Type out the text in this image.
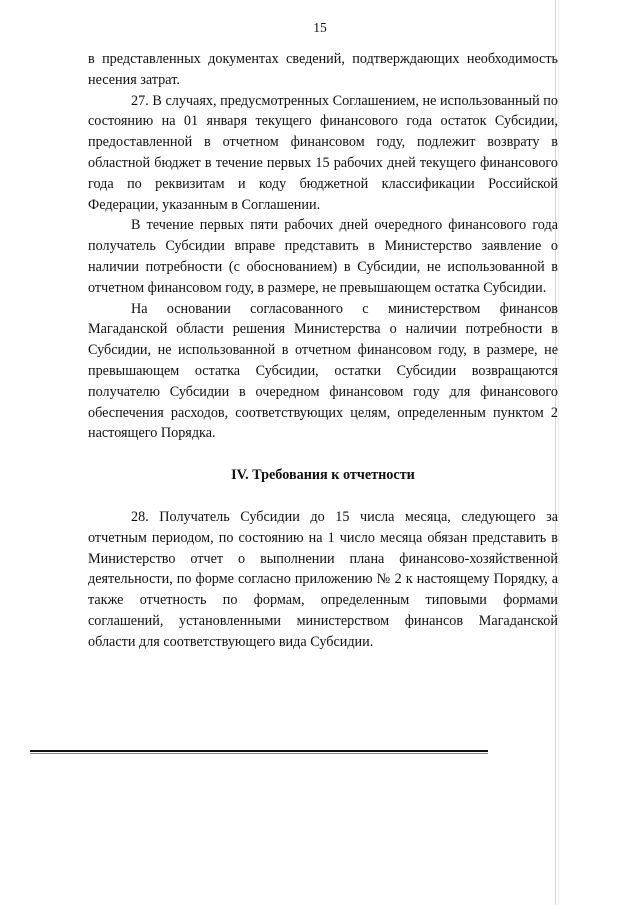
15

в представленных документах сведений, подтверждающих необходимость несения затрат.

27. В случаях, предусмотренных Соглашением, не использованный по состоянию на 01 января текущего финансового года остаток Субсидии, предоставленной в отчетном финансовом году, подлежит возврату в областной бюджет в течение первых 15 рабочих дней текущего финансового года по реквизитам и коду бюджетной классификации Российской Федерации, указанным в Соглашении.

В течение первых пяти рабочих дней очередного финансового года получатель Субсидии вправе представить в Министерство заявление о наличии потребности (с обоснованием) в Субсидии, не использованной в отчетном финансовом году, в размере, не превышающем остатка Субсидии.

На основании согласованного с министерством финансов Магаданской области решения Министерства о наличии потребности в Субсидии, не использованной в отчетном финансовом году, в размере, не превышающем остатка Субсидии, остатки Субсидии возвращаются получателю Субсидии в очередном финансовом году для финансового обеспечения расходов, соответствующих целям, определенным пунктом 2 настоящего Порядка.

IV. Требования к отчетности

28. Получатель Субсидии до 15 числа месяца, следующего за отчетным периодом, по состоянию на 1 число месяца обязан представить в Министерство отчет о выполнении плана финансово-хозяйственной деятельности, по форме согласно приложению № 2 к настоящему Порядку, а также отчетность по формам, определенным типовыми формами соглашений, установленными министерством финансов Магаданской области для соответствующего вида Субсидии.
